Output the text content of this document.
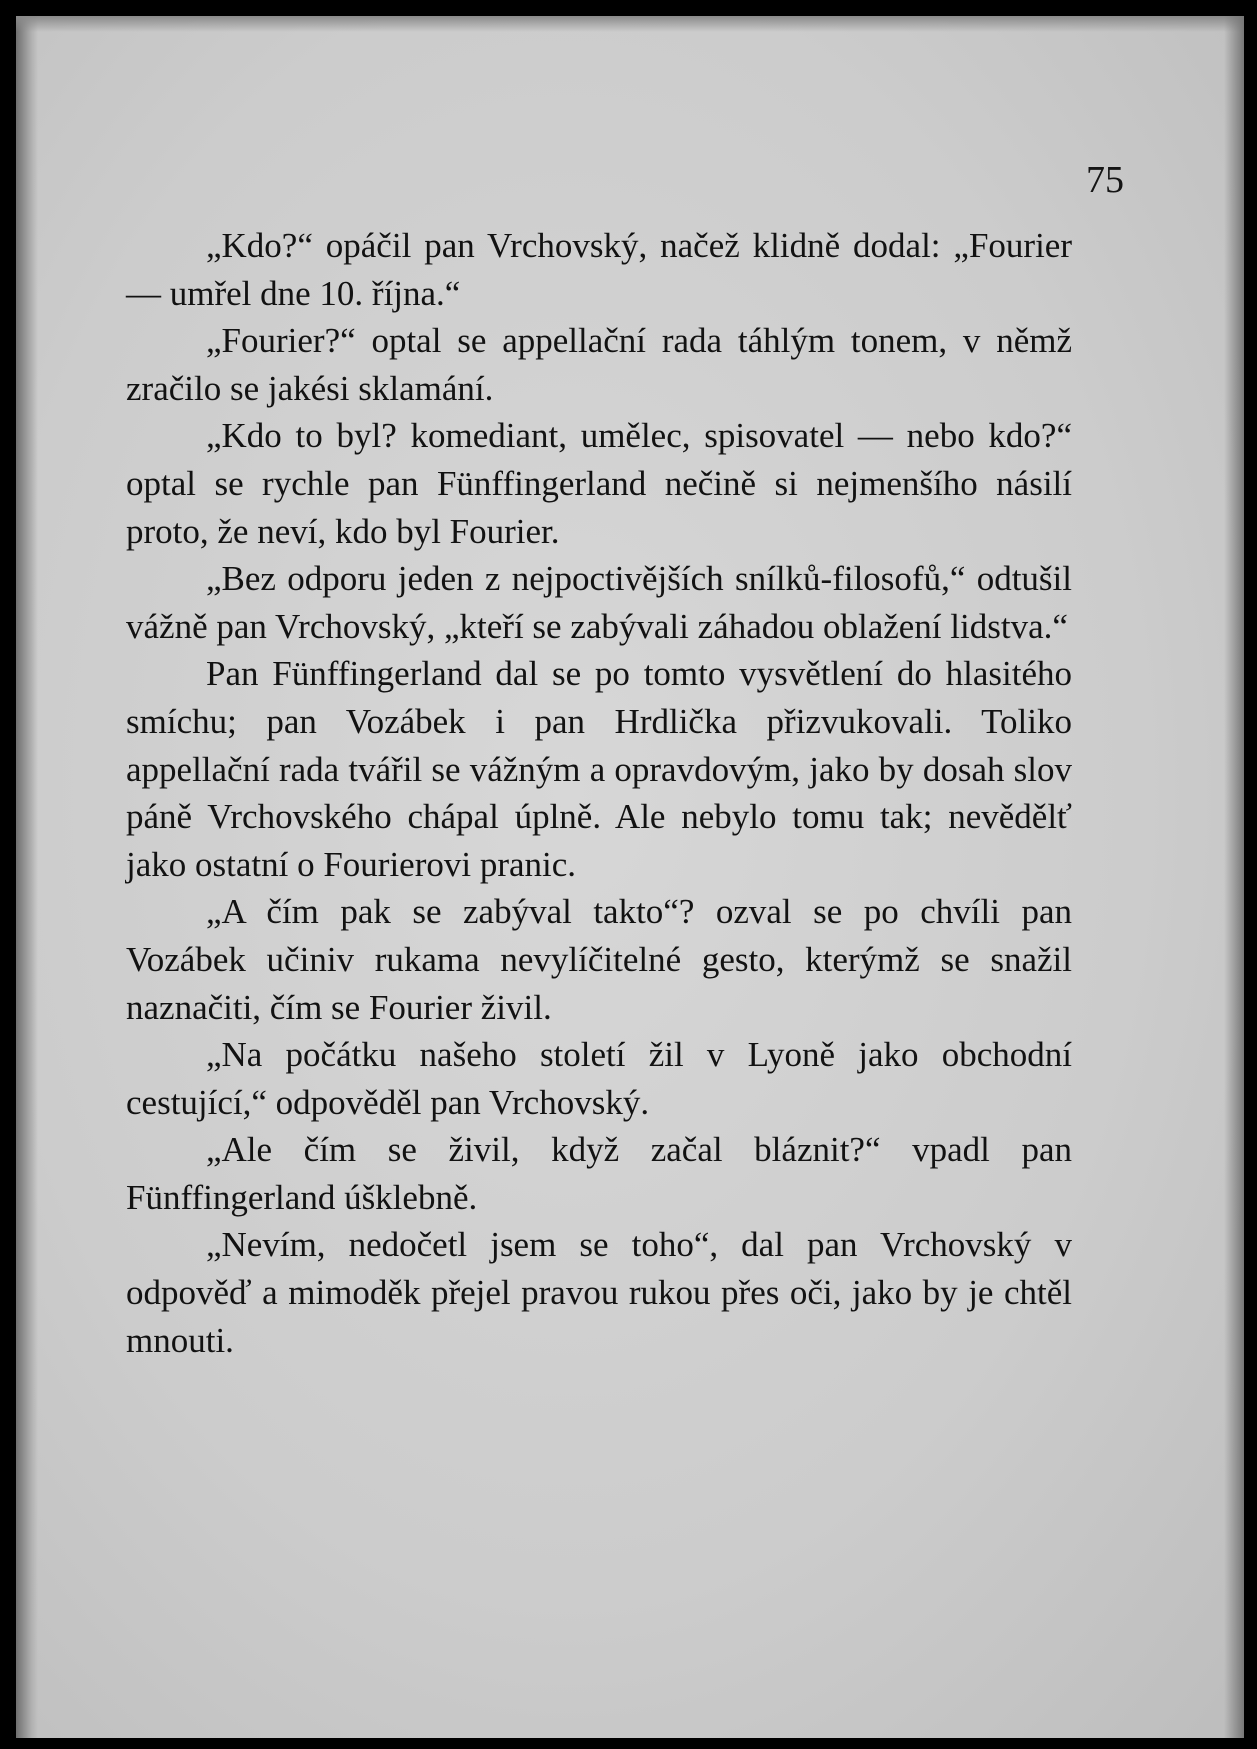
75

„Kdo?“ opáčil pan Vrchovský, načež klidně dodal: „Fourier — umřel dne 10. října.“

„Fourier?“ optal se appellační rada táhlým tonem, v němž zračilo se jakési sklamání.

„Kdo to byl? komediant, umělec, spisovatel — nebo kdo?“ optal se rychle pan Fünffingerland nečině si nejmenšího násilí proto, že neví, kdo byl Fourier.

„Bez odporu jeden z nejpoctivějších snílků-filosofů,“ odtušil vážně pan Vrchovský, „kteří se zabývali záhadou oblažení lidstva.“

Pan Fünffingerland dal se po tomto vysvětlení do hlasitého smíchu; pan Vozábek i pan Hrdlička přizvukovali. Toliko appellační rada tvářil se vážným a opravdovým, jako by dosah slov páně Vrchovského chápal úplně. Ale nebylo tomu tak; nevědělť jako ostatní o Fourierovi pranic.

„A čím pak se zabýval takto“? ozval se po chvíli pan Vozábek učiniv rukama nevylíčitelné gesto, kterýmž se snažil naznačiti, čím se Fourier živil.

„Na počátku našeho století žil v Lyoně jako obchodní cestující,“ odpověděl pan Vrchovský.

„Ale čím se živil, když začal bláznit?“ vpadl pan Fünffingerland úšklebně.

„Nevím, nedočetl jsem se toho“, dal pan Vrchovský v odpověď a mimoděk přejel pravou rukou přes oči, jako by je chtěl mnouti.
